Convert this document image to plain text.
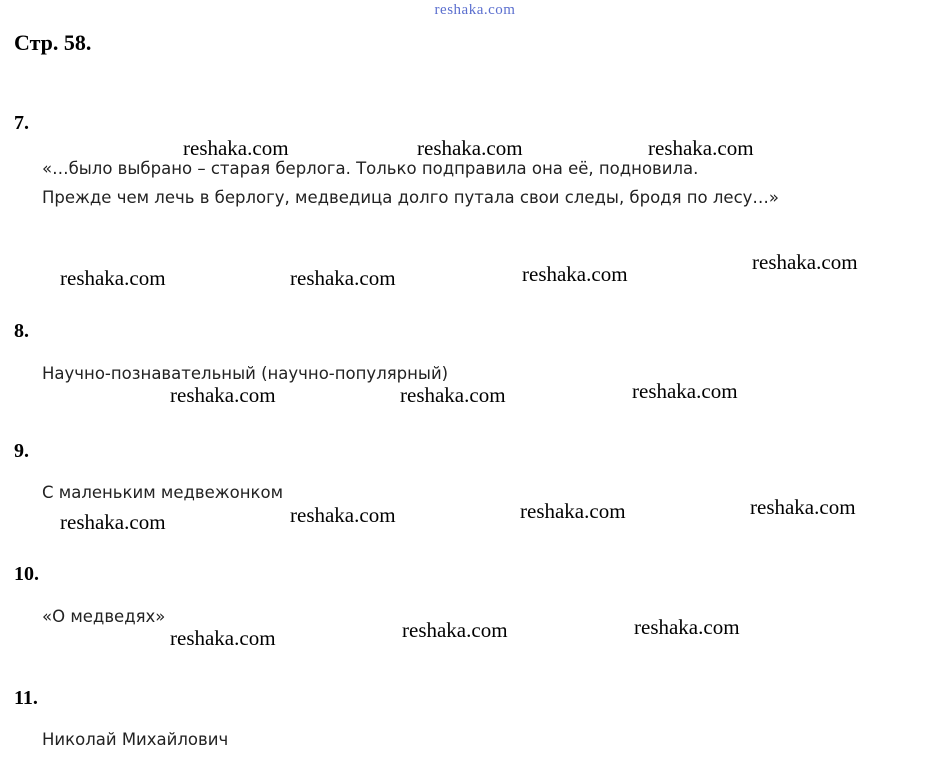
reshaka.com
Стр. 58.
7.
«…было выбрано – старая берлога. Только подправила она её, подновила.
Прежде чем лечь в берлогу, медведица долго путала свои следы, бродя по лесу…»
8.
Научно-познавательный (научно-популярный)
9.
С маленьким медвежонком
10.
«О медведях»
11.
Николай Михайлович
reshaka.com	reshaka.com	reshaka.com
reshaka.com	reshaka.com	reshaka.com	reshaka.com
reshaka.com	reshaka.com	reshaka.com
reshaka.com	reshaka.com	reshaka.com	reshaka.com
reshaka.com	reshaka.com	reshaka.com
